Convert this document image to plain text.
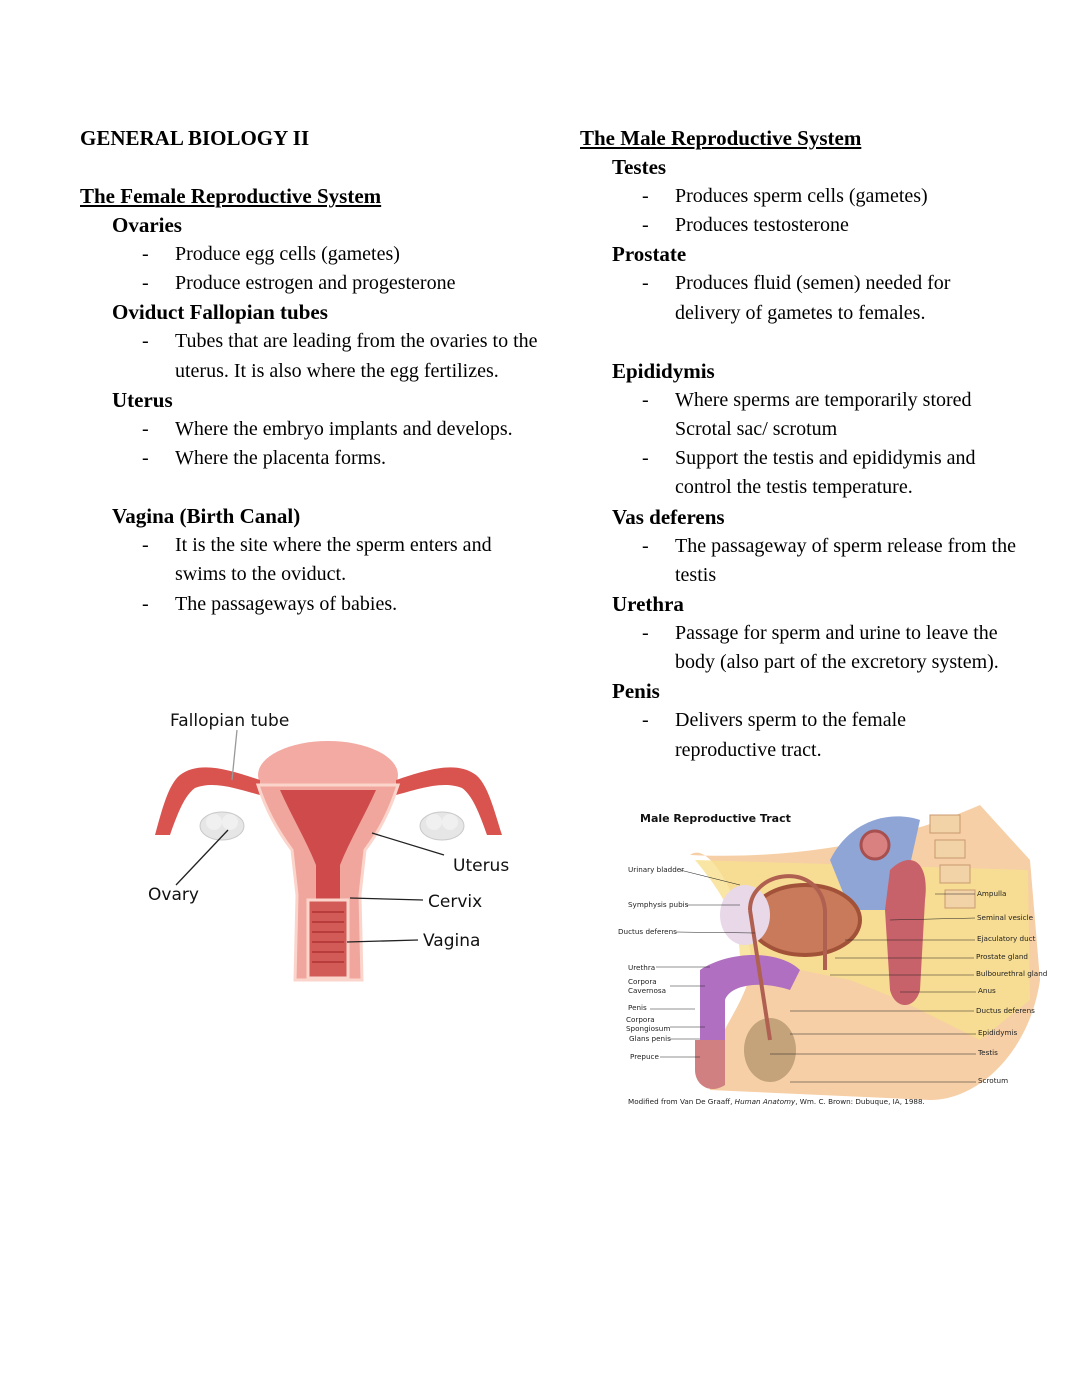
GENERAL BIOLOGY II

The Female Reproductive System

Ovaries

- Produce egg cells (gametes)
- Produce estrogen and progesterone

Oviduct Fallopian tubes

- Tubes that are leading from the ovaries to the uterus. It is also where the egg fertilizes.

Uterus

- Where the embryo implants and develops.
- Where the placenta forms.

Vagina (Birth Canal)

- It is the site where the sperm enters and swims to the oviduct.
- The passageways of babies.
Fallopian tube
Ovary
Uterus
Cervix
Vagina

The Male Reproductive System

Testes

- Produces sperm cells (gametes)
- Produces testosterone

Prostate

- Produces fluid (semen) needed for delivery of gametes to females.

Epididymis

- Where sperms are temporarily stored Scrotal sac/ scrotum
- Support the testis and epididymis and control the testis temperature.

Vas deferens

- The passageway of sperm release from the testis

Urethra

- Passage for sperm and urine to leave the body (also part of the excretory system).

Penis

- Delivers sperm to the female reproductive tract.
Male Reproductive Tract
Urinary bladder
Symphysis pubis
Ductus deferens
Urethra
Corpora
Cavernosa
Penis
Corpora
Spongiosum
Glans penis
Prepuce
Ampulla
Seminal vesicle
Ejaculatory duct
Prostate gland
Bulbourethral gland
Anus
Ductus deferens
Epididymis
Testis
Scrotum
Modified from Van De Graaff, Human Anatomy, Wm. C. Brown: Dubuque, IA, 1988.
